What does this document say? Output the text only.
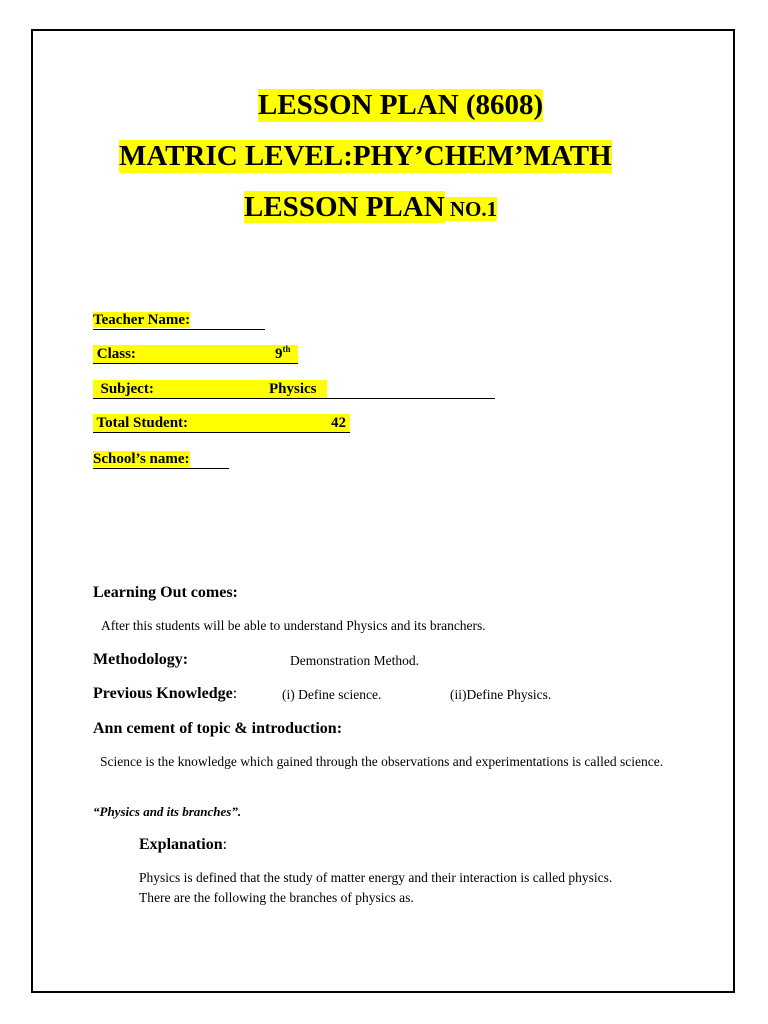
LESSON PLAN (8608)
MATRIC LEVEL:PHY’CHEM’MATH
LESSON PLAN NO.1
Teacher Name:
Class:	9th
Subject:	Physics
Total Student:	42
School’s name:
Learning Out comes:
After this students will be able to understand Physics and its branchers.
Methodology:	Demonstration Method.
Previous Knowledge:	(i) Define science.	(ii)Define Physics.
Ann cement of topic & introduction:
Science is the knowledge which gained through the observations and experimentations is called science.
“Physics and its branches”.
Explanation:
Physics is defined that the study of matter energy and their interaction is called physics. There are the following the branches of physics as.
